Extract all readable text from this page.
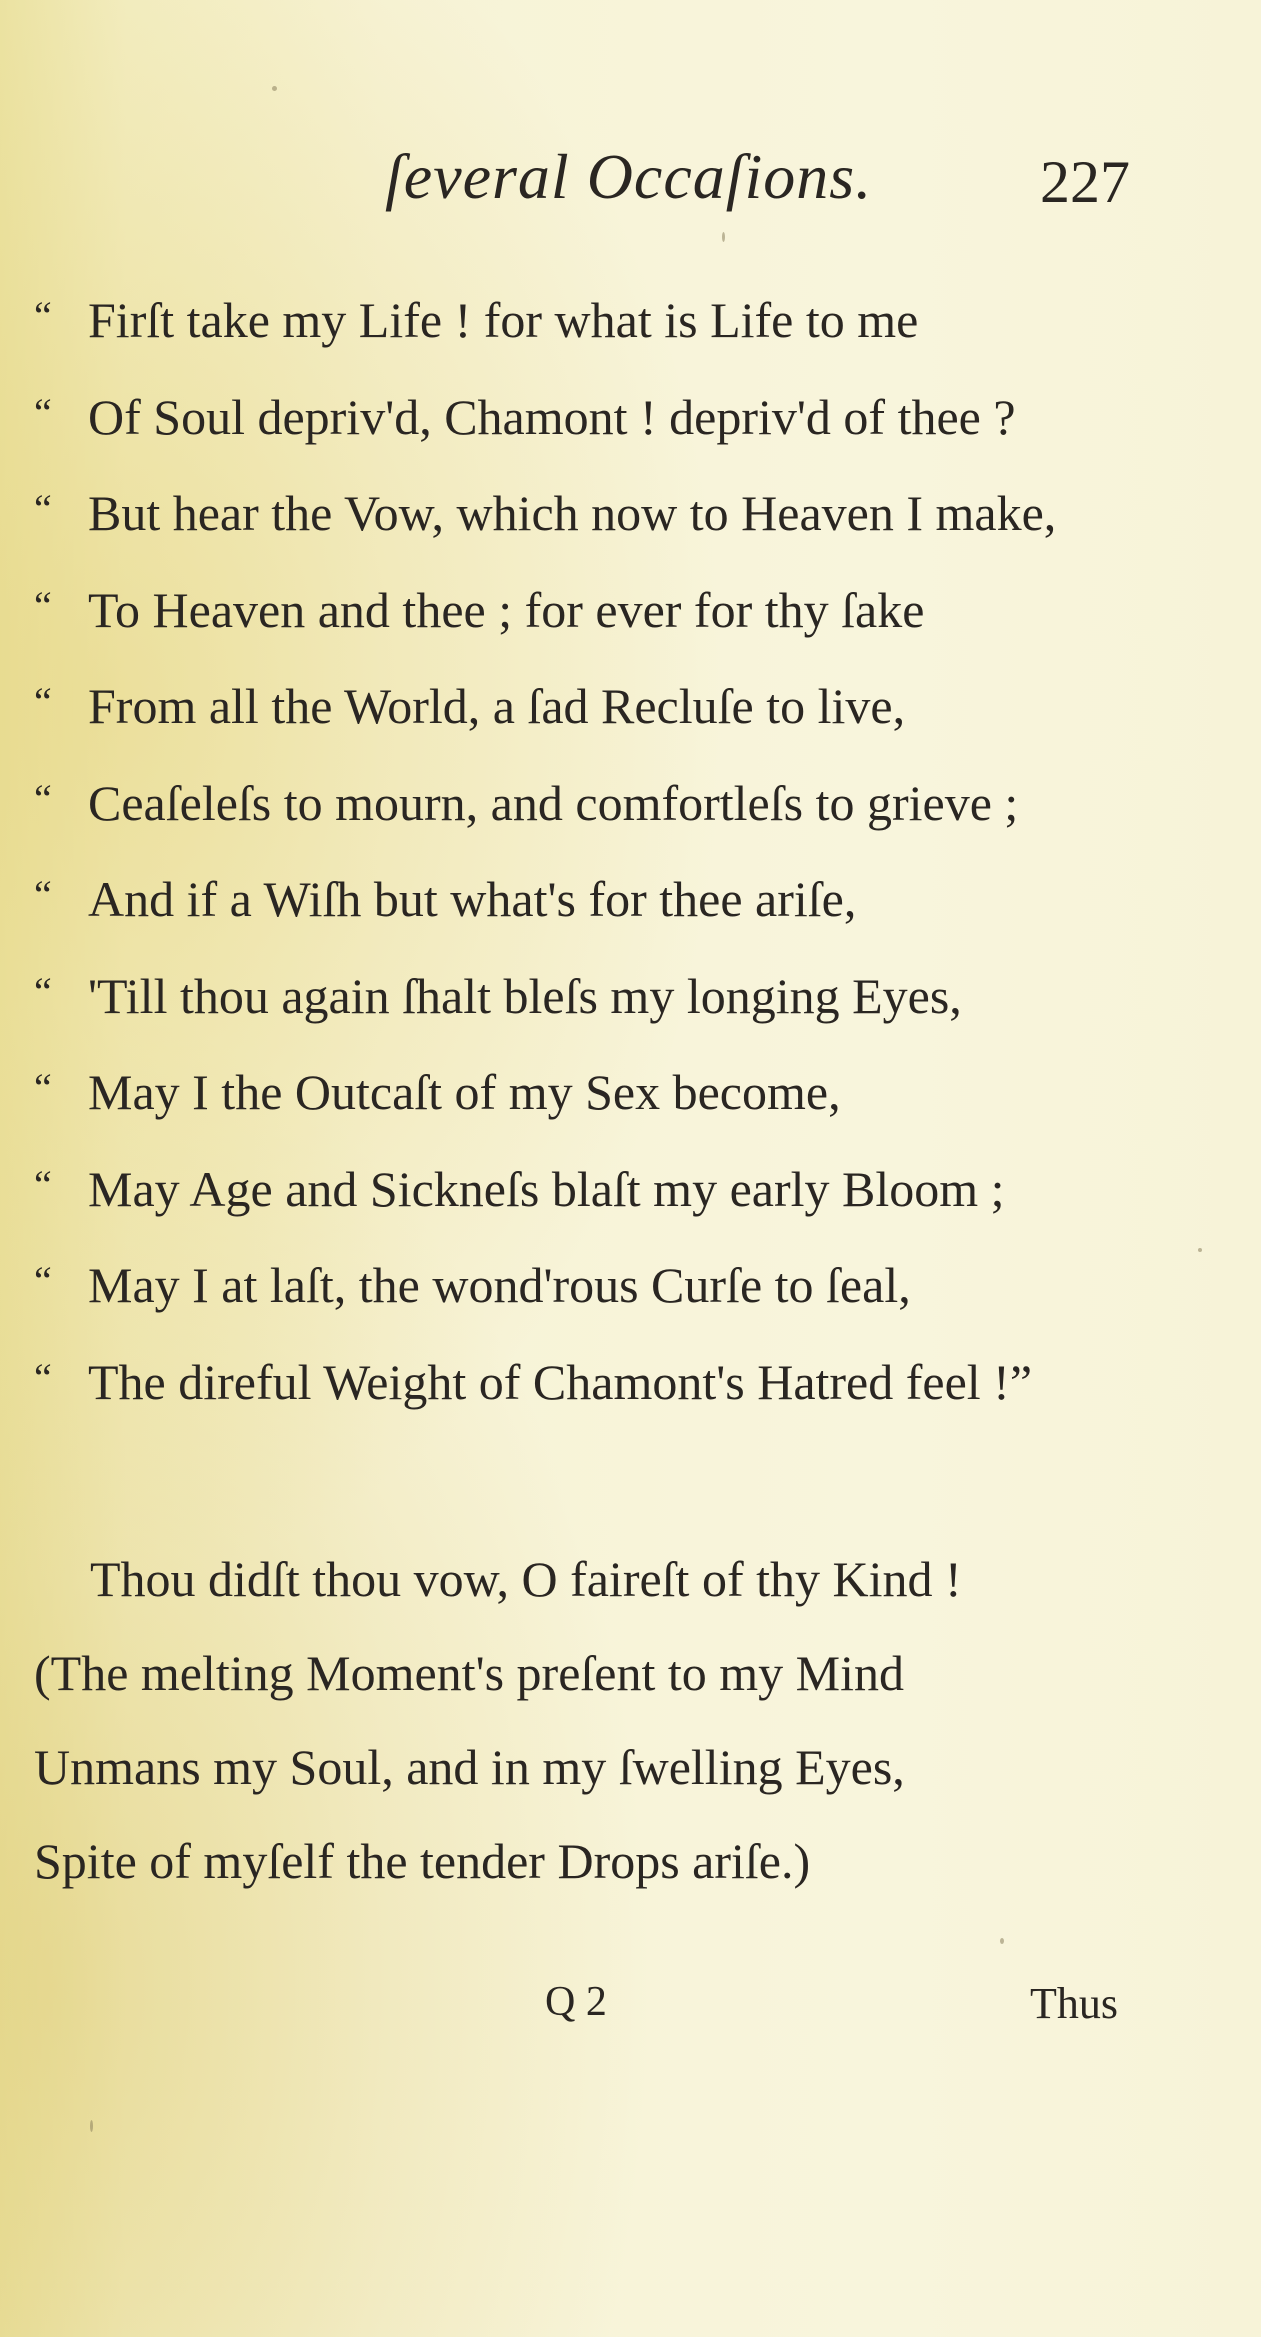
ſeveral Occaſions.	227
“ Firſt take my Life ! for what is Life to me
“ Of Soul depriv'd, Chamont ! depriv'd of thee ?
“ But hear the Vow, which now to Heaven I make,
“ To Heaven and thee ; for ever for thy ſake
“ From all the World, a ſad Recluſe to live,
“ Ceaſeleſs to mourn, and comfortleſs to grieve ;
“ And if a Wiſh but what's for thee ariſe,
“ 'Till thou again ſhalt bleſs my longing Eyes,
“ May I the Outcaſt of my Sex become,
“ May Age and Sickneſs blaſt my early Bloom ;
“ May I at laſt, the wond'rous Curſe to ſeal,
“ The direful Weight of Chamont's Hatred feel !”
Thou didſt thou vow, O faireſt of thy Kind !
(The melting Moment's preſent to my Mind
Unmans my Soul, and in my ſwelling Eyes,
Spite of myſelf the tender Drops ariſe.)
Q 2	Thus
